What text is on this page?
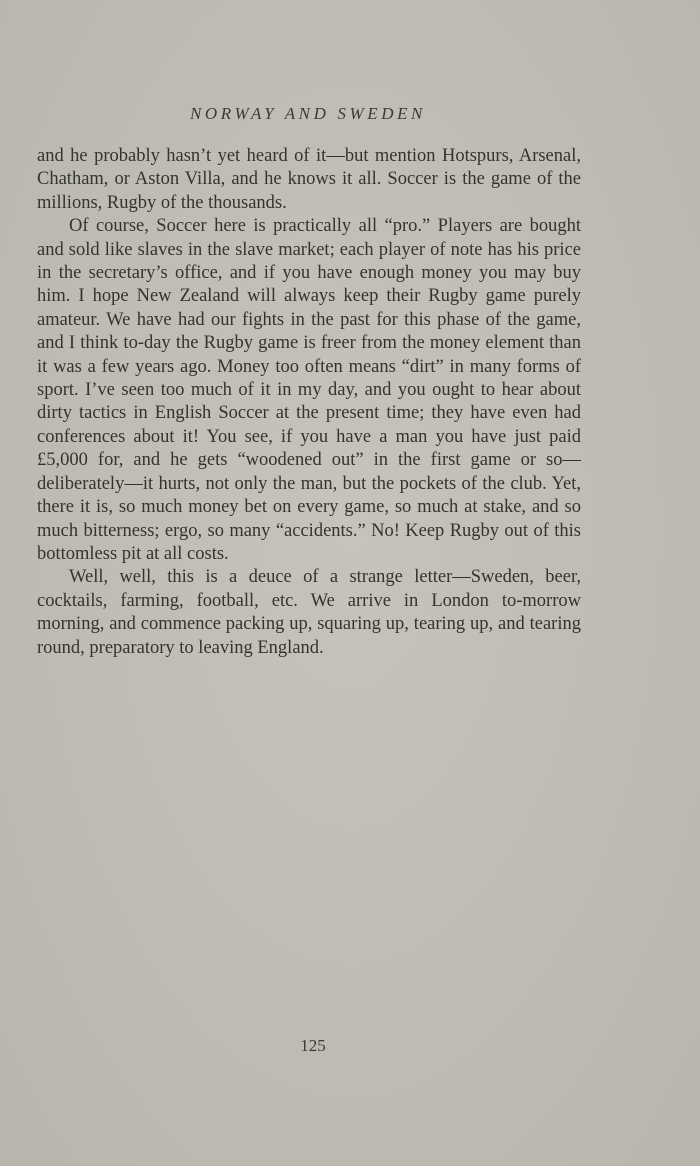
NORWAY AND SWEDEN

and he probably hasn’t yet heard of it—but mention Hotspurs, Arsenal, Chatham, or Aston Villa, and he knows it all. Soccer is the game of the millions, Rugby of the thousands.

Of course, Soccer here is practically all “pro.” Players are bought and sold like slaves in the slave market; each player of note has his price in the secretary’s office, and if you have enough money you may buy him. I hope New Zealand will always keep their Rugby game purely amateur. We have had our fights in the past for this phase of the game, and I think to-day the Rugby game is freer from the money element than it was a few years ago. Money too often means “dirt” in many forms of sport. I’ve seen too much of it in my day, and you ought to hear about dirty tactics in English Soccer at the present time; they have even had conferences about it! You see, if you have a man you have just paid £5,000 for, and he gets “woodened out” in the first game or so—deliberately—it hurts, not only the man, but the pockets of the club. Yet, there it is, so much money bet on every game, so much at stake, and so much bitterness; ergo, so many “accidents.” No! Keep Rugby out of this bottomless pit at all costs.

Well, well, this is a deuce of a strange letter—Sweden, beer, cocktails, farming, football, etc. We arrive in London to-morrow morning, and commence packing up, squaring up, tearing up, and tearing round, preparatory to leaving England.

125
